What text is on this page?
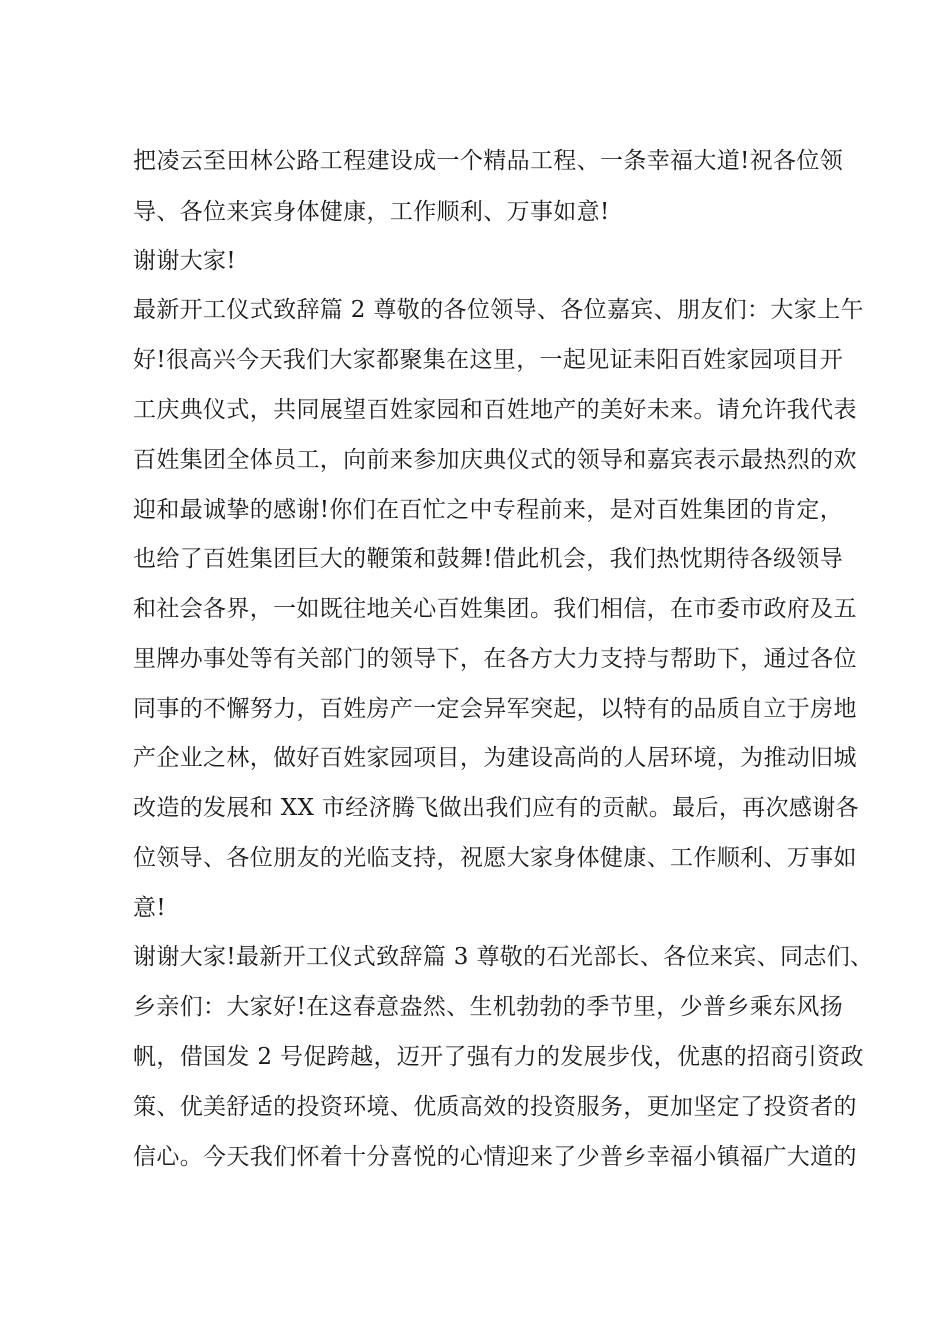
把凌云至田林公路工程建设成一个精品工程、一条幸福大道!祝各位领

导、各位来宾身体健康，工作顺利、万事如意!

谢谢大家!

最新开工仪式致辞篇 2 尊敬的各位领导、各位嘉宾、朋友们：大家上午

好!很高兴今天我们大家都聚集在这里，一起见证耒阳百姓家园项目开

工庆典仪式，共同展望百姓家园和百姓地产的美好未来。请允许我代表

百姓集团全体员工，向前来参加庆典仪式的领导和嘉宾表示最热烈的欢

迎和最诚挚的感谢!你们在百忙之中专程前来，是对百姓集团的肯定，

也给了百姓集团巨大的鞭策和鼓舞!借此机会，我们热忱期待各级领导

和社会各界，一如既往地关心百姓集团。我们相信，在市委市政府及五

里牌办事处等有关部门的领导下，在各方大力支持与帮助下，通过各位

同事的不懈努力，百姓房产一定会异军突起，以特有的品质自立于房地

产企业之林，做好百姓家园项目，为建设高尚的人居环境，为推动旧城

改造的发展和 XX 市经济腾飞做出我们应有的贡献。最后，再次感谢各

位领导、各位朋友的光临支持，祝愿大家身体健康、工作顺利、万事如

意!

谢谢大家!最新开工仪式致辞篇 3 尊敬的石光部长、各位来宾、同志们、

乡亲们：大家好!在这春意盎然、生机勃勃的季节里，少普乡乘东风扬

帆，借国发 2 号促跨越，迈开了强有力的发展步伐，优惠的招商引资政

策、优美舒适的投资环境、优质高效的投资服务，更加坚定了投资者的

信心。今天我们怀着十分喜悦的心情迎来了少普乡幸福小镇福广大道的
